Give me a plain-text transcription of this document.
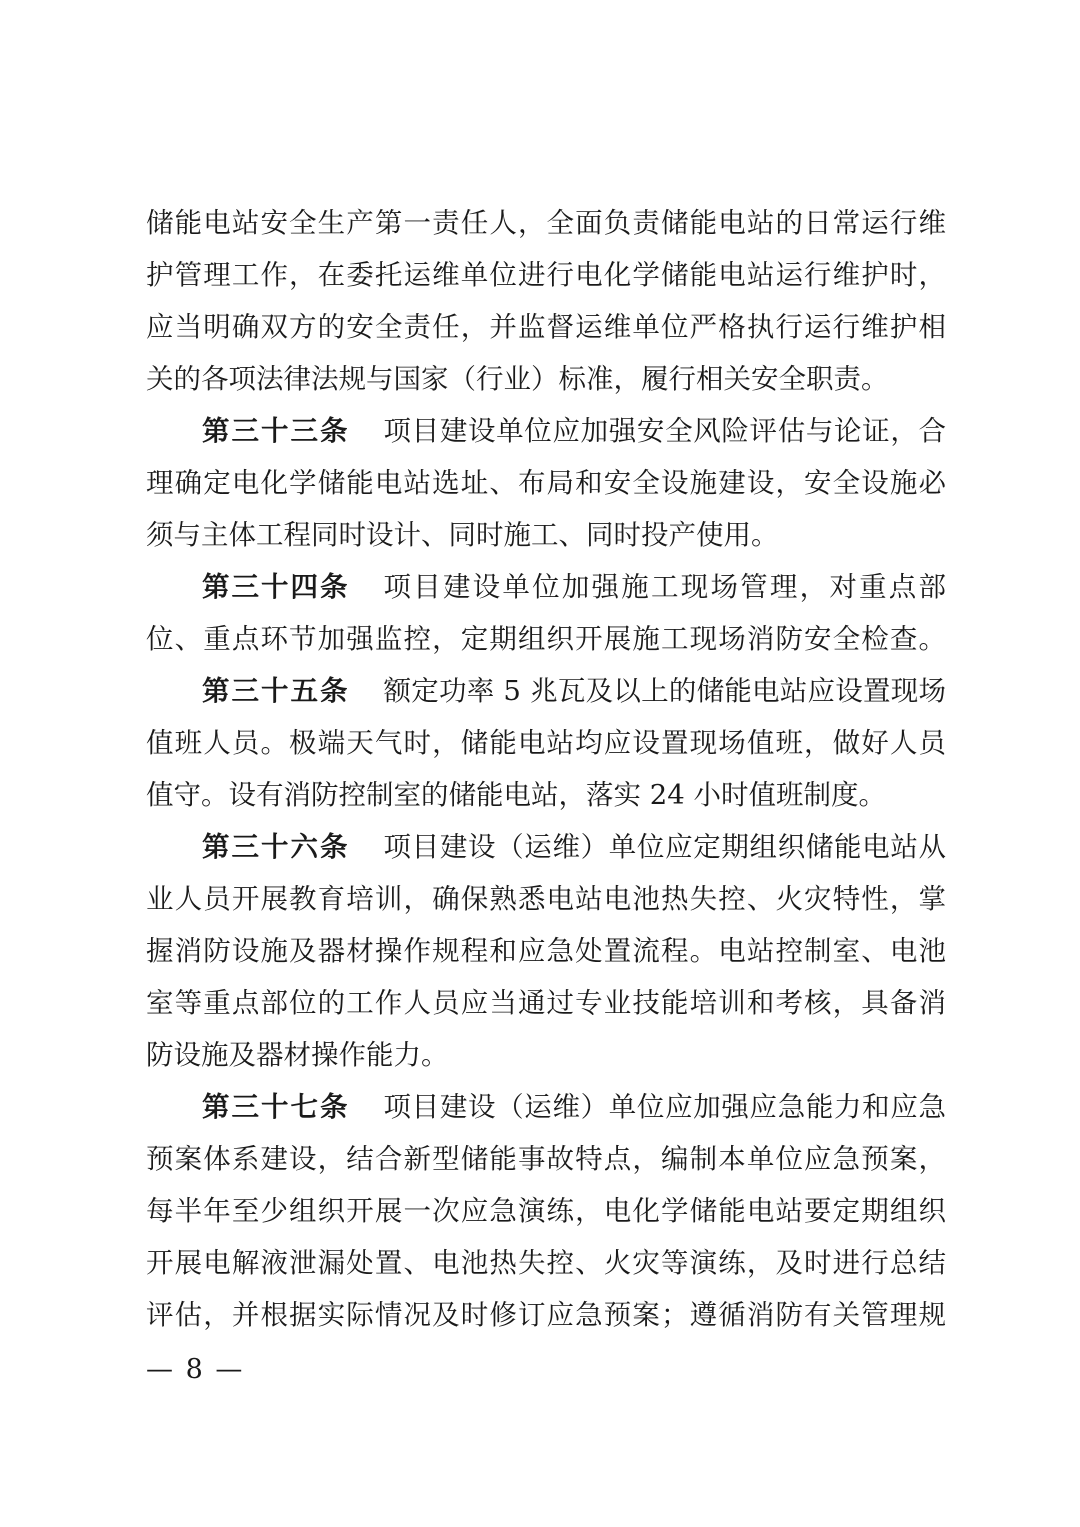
储能电站安全生产第一责任人，全面负责储能电站的日常运行维
护管理工作，在委托运维单位进行电化学储能电站运行维护时，
应当明确双方的安全责任，并监督运维单位严格执行运行维护相
关的各项法律法规与国家（行业）标准，履行相关安全职责。
第三十三条 项目建设单位应加强安全风险评估与论证，合
理确定电化学储能电站选址、布局和安全设施建设，安全设施必
须与主体工程同时设计、同时施工、同时投产使用。
第三十四条 项目建设单位加强施工现场管理，对重点部
位、重点环节加强监控，定期组织开展施工现场消防安全检查。
第三十五条 额定功率 5 兆瓦及以上的储能电站应设置现场
值班人员。极端天气时，储能电站均应设置现场值班，做好人员
值守。设有消防控制室的储能电站，落实 24 小时值班制度。
第三十六条 项目建设（运维）单位应定期组织储能电站从
业人员开展教育培训，确保熟悉电站电池热失控、火灾特性，掌
握消防设施及器材操作规程和应急处置流程。电站控制室、电池
室等重点部位的工作人员应当通过专业技能培训和考核，具备消
防设施及器材操作能力。
第三十七条 项目建设（运维）单位应加强应急能力和应急
预案体系建设，结合新型储能事故特点，编制本单位应急预案，
每半年至少组织开展一次应急演练，电化学储能电站要定期组织
开展电解液泄漏处置、电池热失控、火灾等演练，及时进行总结
评估，并根据实际情况及时修订应急预案；遵循消防有关管理规
— 8 —
